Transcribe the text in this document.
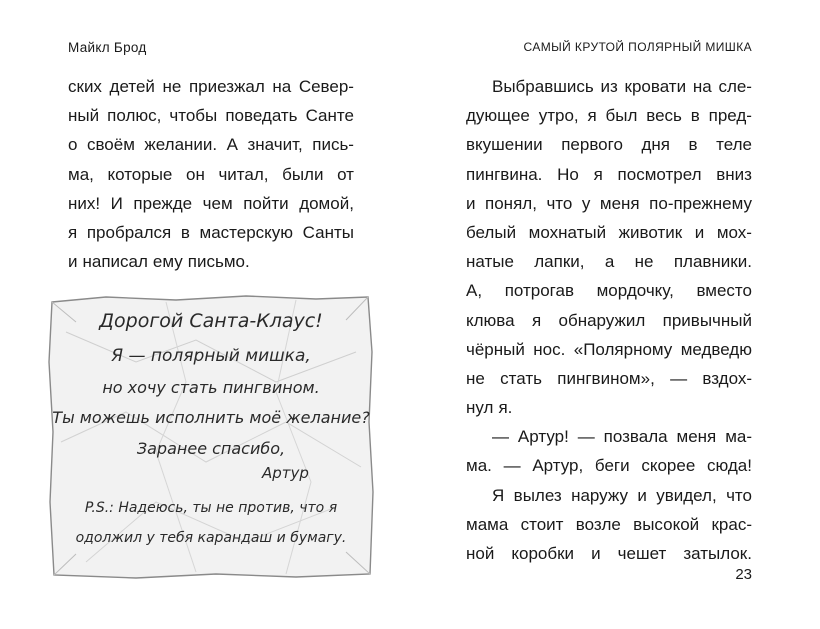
Майкл Брод
ских детей не приезжал на Север-
ный полюс, чтобы поведать Санте
о своём желании. А значит, пись-
ма, которые он читал, были от
них! И прежде чем пойти домой,
я пробрался в мастерскую Санты
и написал ему письмо.
Дорогой Санта-Клаус!
Я — полярный мишка,
но хочу стать пингвином.
Ты можешь исполнить моё желание?
Заранее спасибо,
Артур
P.S.: Надеюсь, ты не против, что я
одолжил у тебя карандаш и бумагу.
САМЫЙ КРУТОЙ ПОЛЯРНЫЙ МИШКА
Выбравшись из кровати на сле-
дующее утро, я был весь в пред-
вкушении первого дня в теле
пингвина. Но я посмотрел вниз
и понял, что у меня по-прежнему
белый мохнатый животик и мох-
натые лапки, а не плавники.
А, потрогав мордочку, вместо
клюва я обнаружил привычный
чёрный нос. «Полярному медведю
не стать пингвином», — вздох-
нул я.
— Артур! — позвала меня ма-
ма. — Артур, беги скорее сюда!
Я вылез наружу и увидел, что
мама стоит возле высокой крас-
ной коробки и чешет затылок.
23
